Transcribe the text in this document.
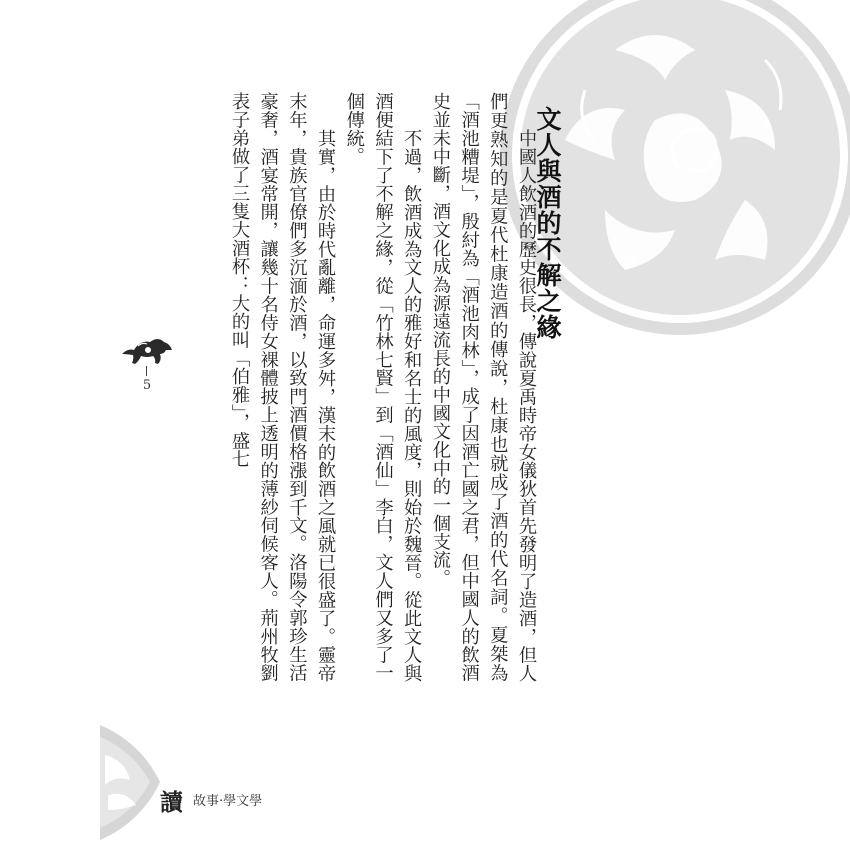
文人與酒的不解之緣

中國人飲酒的歷史很長，傳說夏禹時帝女儀狄首先發明了造酒，但人們更熟知的是夏代杜康造酒的傳說，杜康也就成了酒的代名詞。夏桀為「酒池糟堤」，殷紂為「酒池肉林」，成了因酒亡國之君，但中國人的飲酒史並未中斷，酒文化成為源遠流長的中國文化中的一個支流。

不過，飲酒成為文人的雅好和名士的風度，則始於魏晉。從此文人與酒便結下了不解之緣，從「竹林七賢」到「酒仙」李白，文人們又多了一個傳統。

其實，由於時代亂離，命運多舛，漢末的飲酒之風就已很盛了。靈帝末年，貴族官僚們多沉湎於酒，以致門酒價格漲到千文。洛陽令郭珍生活豪奢，酒宴常開，讓幾十名侍女裸體披上透明的薄紗伺候客人。荊州牧劉表子弟做了三隻大酒杯：大的叫「伯雅」，盛七

5
讀 故事‧學文學
